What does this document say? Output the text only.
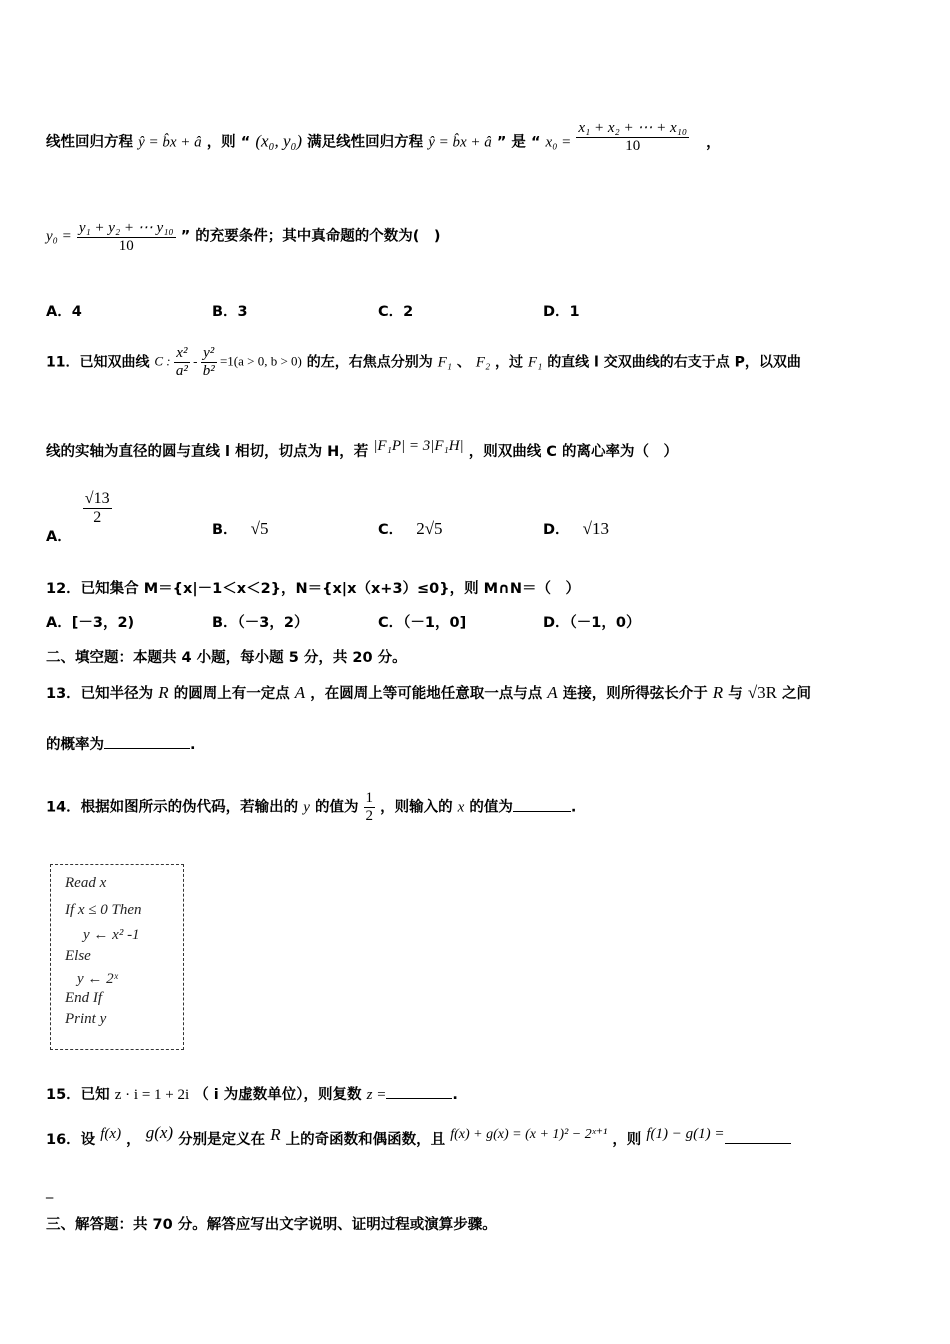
线性回归方程 ŷ = b̂x + â ，则 “ (x₀, y₀) 满足线性回归方程 ŷ = b̂x + â ” 是 “ $x_0 = \frac{\text{x₁ + x₂ + ⋯ + x₁₀}}{10}$ ，
$y_0 = \frac{\text{y₁ + y₂ + ⋯ y₁₀}}{10}$ ” 的充要条件；其中真命题的个数为(　)
A．4	B．3	C．2	D．1
11．已知双曲线 C : $\frac{\text{x²}}{\text{a²}} - \frac{\text{y²}}{\text{b²}} =1(a > 0$, b > 0) 的左，右焦点分别为 F₁ 、 F₂ ，过 F₁ 的直线 l 交双曲线的右支于点 P，以双曲
线的实轴为直径的圆与直线 l 相切，切点为 H，若 |F₁P| = 3|F₁H| ，则双曲线 C 的离心率为（　）
A．
$\frac{√13}{2}$
B． √5	C． 2√5	D． √13
12．已知集合 M＝{x|－1＜x＜2}，N＝{x|x（x+3）≤0}，则 M∩N＝（　）
A．[－3，2)	B．（－3，2）	C．（－1，0]	D．（－1，0）
二、填空题：本题共 4 小题，每小题 5 分，共 20 分。
13．已知半径为 R 的圆周上有一定点 A ，在圆周上等可能地任意取一点与点 A 连接，则所得弦长介于 R 与 √3R 之间
的概率为	.
14．根据如图所示的伪代码，若输出的 y 的值为 $\frac{1}{2}$ ，则输入的 x 的值为	.
Read x
If x ≤ 0 Then
y ← x² -1
Else
y ← 2ˣ
End If
Print y
15．已知 z · i = 1 + 2i （ i 为虚数单位），则复数 z =	.
16．设 f(x) ， g(x) 分别是定义在 R 上的奇函数和偶函数，且 f(x) + g(x) = (x + 1)² − 2ˣ⁺¹ ，则 f(1) − g(1) =
_
三、解答题：共 70 分。解答应写出文字说明、证明过程或演算步骤。
